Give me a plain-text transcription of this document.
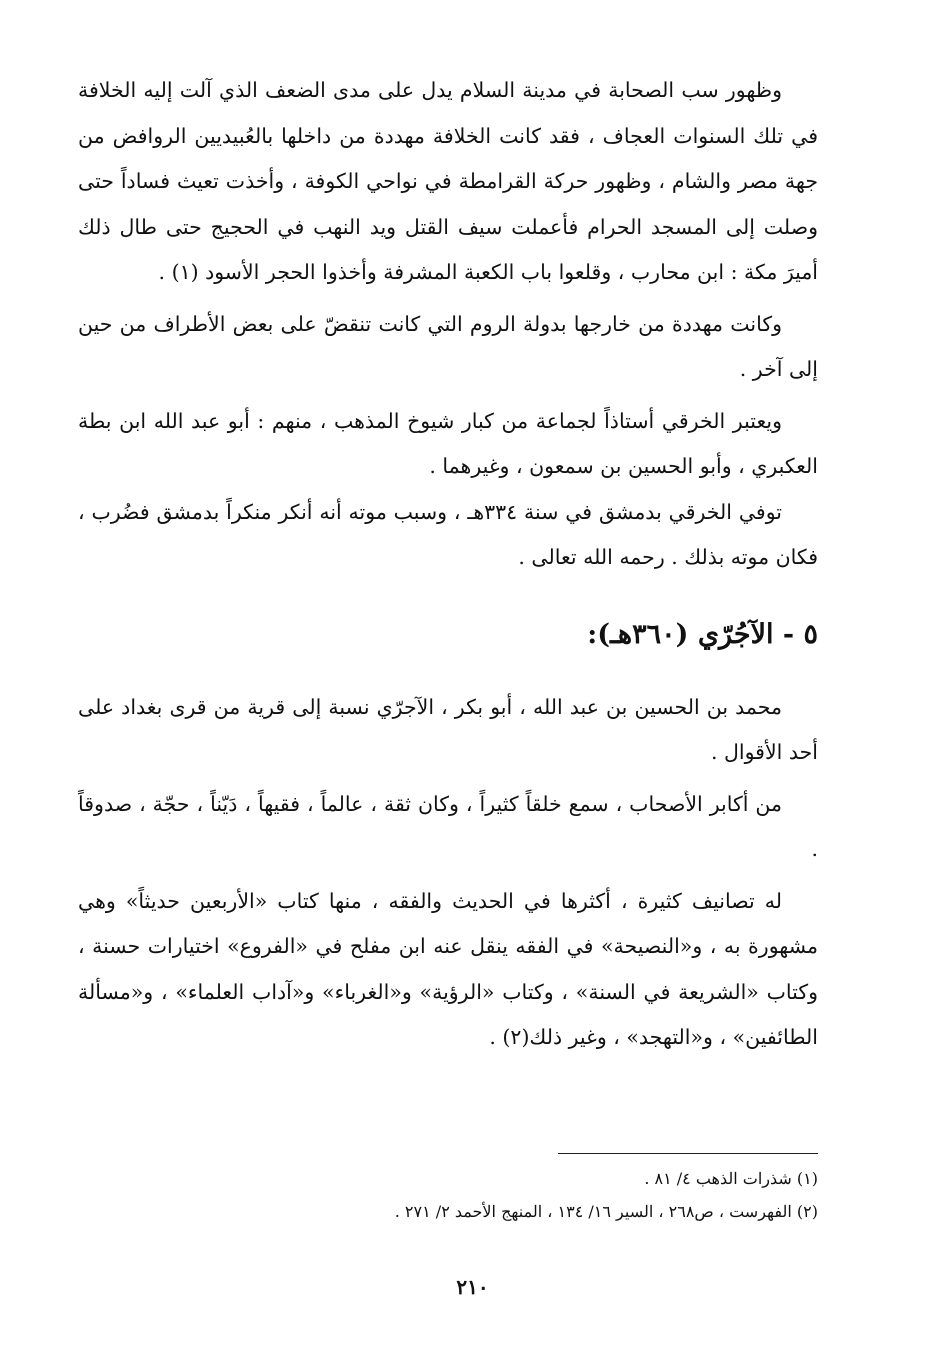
وظهور سب الصحابة في مدينة السلام يدل على مدى الضعف الذي آلت إليه الخلافة في تلك السنوات العجاف ، فقد كانت الخلافة مهددة من داخلها بالعُبيديين الروافض من جهة مصر والشام ، وظهور حركة القرامطة في نواحي الكوفة ، وأخذت تعيث فساداً حتى وصلت إلى المسجد الحرام فأعملت سيف القتل ويد النهب في الحجيج حتى طال ذلك أميرَ مكة : ابن محارب ، وقلعوا باب الكعبة المشرفة وأخذوا الحجر الأسود (١) .

وكانت مهددة من خارجها بدولة الروم التي كانت تنقضّ على بعض الأطراف من حين إلى آخر .

ويعتبر الخرقي أستاذاً لجماعة من كبار شيوخ المذهب ، منهم : أبو عبد الله ابن بطة العكبري ، وأبو الحسين بن سمعون ، وغيرهما .

توفي الخرقي بدمشق في سنة ٣٣٤هـ ، وسبب موته أنه أنكر منكراً بدمشق فضُرب ، فكان موته بذلك . رحمه الله تعالى .

٥ - الآجُرّي (٣٦٠هـ):

محمد بن الحسين بن عبد الله ، أبو بكر ، الآجرّي نسبة إلى قرية من قرى بغداد على أحد الأقوال .

من أكابر الأصحاب ، سمع خلقاً كثيراً ، وكان ثقة ، عالماً ، فقيهاً ، دَيّناً ، حجّة ، صدوقاً .

له تصانيف كثيرة ، أكثرها في الحديث والفقه ، منها كتاب «الأربعين حديثاً» وهي مشهورة به ، و«النصيحة» في الفقه ينقل عنه ابن مفلح في «الفروع» اختيارات حسنة ، وكتاب «الشريعة في السنة» ، وكتاب «الرؤية» و«الغرباء» و«آداب العلماء» ، و«مسألة الطائفين» ، و«التهجد» ، وغير ذلك(٢) .

(١) شذرات الذهب ٤/ ٨١ .

(٢) الفهرست ، ص٢٦٨ ، السير ١٦/ ١٣٤ ، المنهج الأحمد ٢/ ٢٧١ .

٢١٠
